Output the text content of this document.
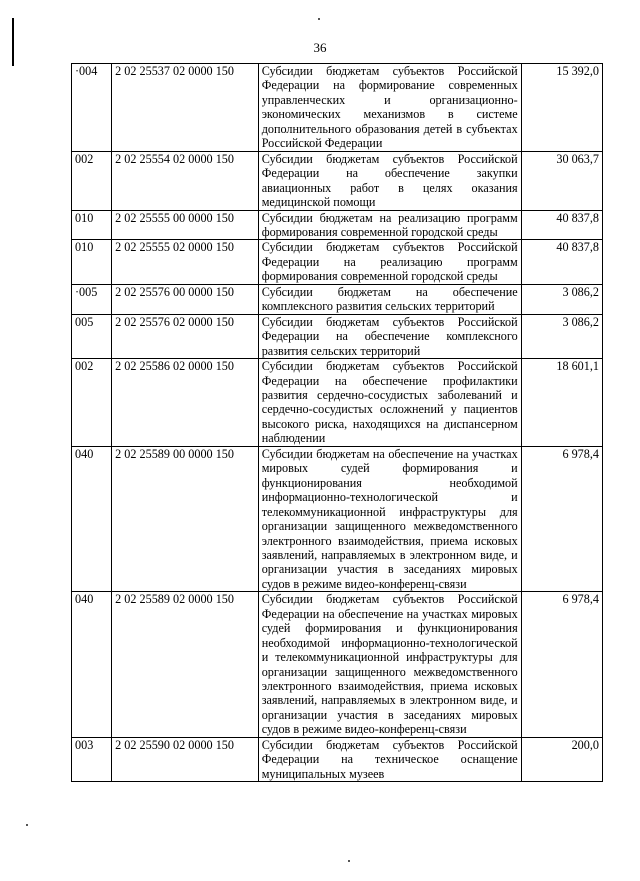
36
·004	2 02 25537 02 0000 150	Субсидии бюджетам субъектов Российской Федерации на формирование современных управленческих и организационно-экономических механизмов в системе дополнительного образования детей в субъектах Российской Федерации	15 392,0
002	2 02 25554 02 0000 150	Субсидии бюджетам субъектов Российской Федерации на обеспечение закупки авиационных работ в целях оказания медицинской помощи	30 063,7
010	2 02 25555 00 0000 150	Субсидии бюджетам на реализацию программ формирования современной городской среды	40 837,8
010	2 02 25555 02 0000 150	Субсидии бюджетам субъектов Российской Федерации на реализацию программ формирования современной городской среды	40 837,8
·005	2 02 25576 00 0000 150	Субсидии бюджетам на обеспечение комплексного развития сельских территорий	3 086,2
005	2 02 25576 02 0000 150	Субсидии бюджетам субъектов Российской Федерации на обеспечение комплексного развития сельских территорий	3 086,2
002	2 02 25586 02 0000 150	Субсидии бюджетам субъектов Российской Федерации на обеспечение профилактики развития сердечно-сосудистых заболеваний и сердечно-сосудистых осложнений у пациентов высокого риска, находящихся на диспансерном наблюдении	18 601,1
040	2 02 25589 00 0000 150	Субсидии бюджетам на обеспечение на участках мировых судей формирования и функционирования необходимой информационно-технологической и телекоммуникационной инфраструктуры для организации защищенного межведомственного электронного взаимодействия, приема исковых заявлений, направляемых в электронном виде, и организации участия в заседаниях мировых судов в режиме видео-конференц-связи	6 978,4
040	2 02 25589 02 0000 150	Субсидии бюджетам субъектов Российской Федерации на обеспечение на участках мировых судей формирования и функционирования необходимой информационно-технологической и телекоммуникационной инфраструктуры для организации защищенного межведомственного электронного взаимодействия, приема исковых заявлений, направляемых в электронном виде, и организации участия в заседаниях мировых судов в режиме видео-конференц-связи	6 978,4
003	2 02 25590 02 0000 150	Субсидии бюджетам субъектов Российской Федерации на техническое оснащение муниципальных музеев	200,0
